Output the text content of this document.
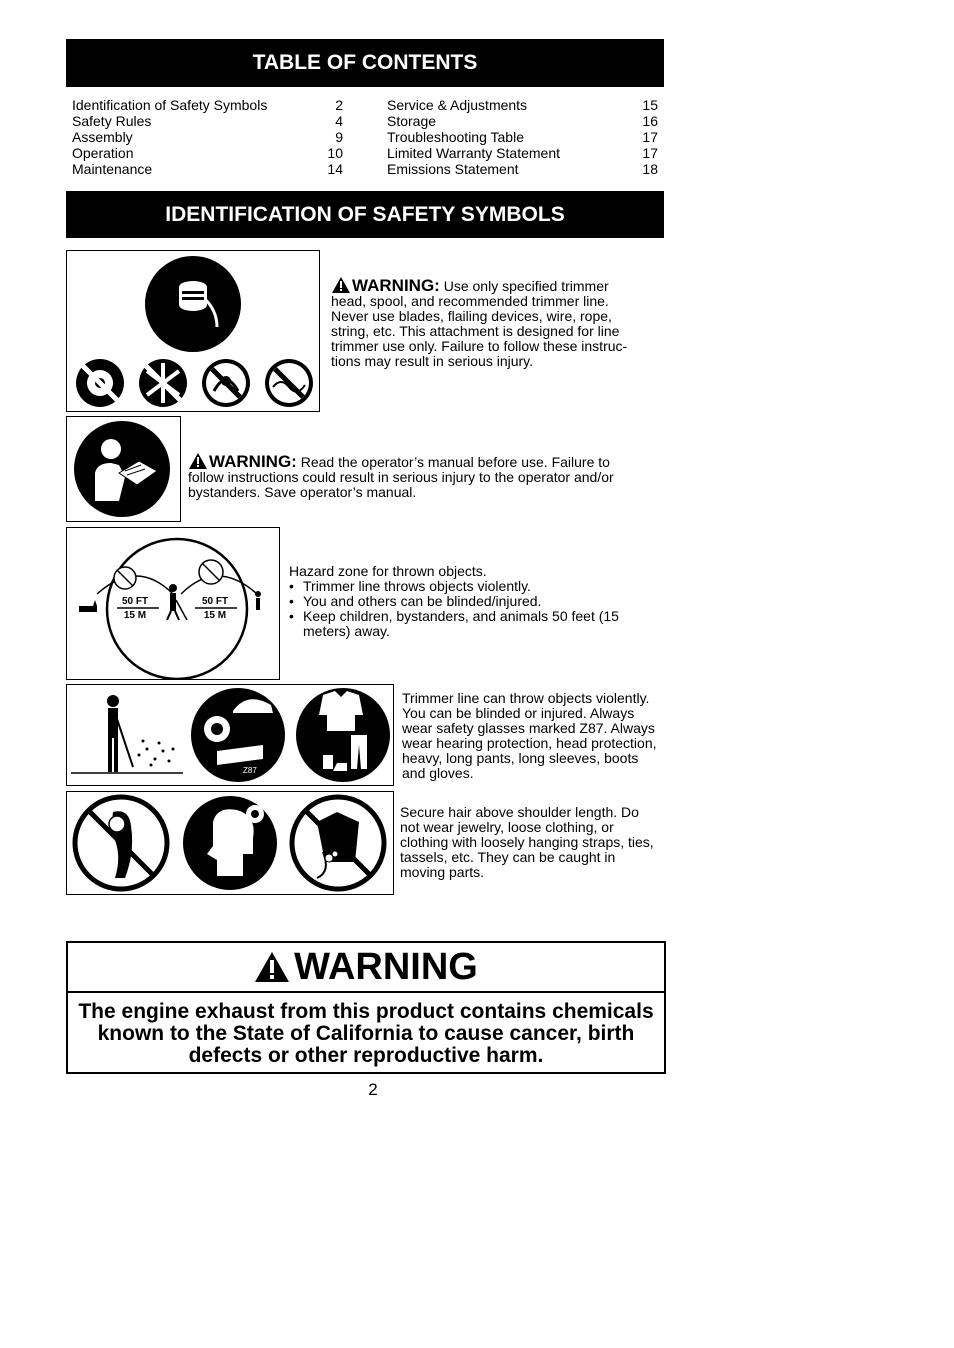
TABLE OF CONTENTS
Identification of Safety Symbols	2
Safety Rules	4
Assembly	9
Operation	10
Maintenance	14
Service & Adjustments	15
Storage	16
Troubleshooting Table	17
Limited Warranty Statement	17
Emissions Statement	18
IDENTIFICATION OF SAFETY SYMBOLS
WARNING: Use only specified trimmer head, spool, and recommended trimmer line. Never use blades, flailing devices, wire, rope, string, etc. This attachment is designed for line trimmer use only. Failure to follow these instruc- tions may result in serious injury.
WARNING: Read the operator’s manual before use. Failure to follow instructions could result in serious injury to the operator and/or bystanders. Save operator’s manual.
50 FT
15 M
50 FT
15 M
Hazard zone for thrown objects.
• Trimmer line throws objects violently.
• You and others can be blinded/injured.
• Keep children, bystanders, and animals 50 feet (15 meters) away.
Z87
Trimmer line can throw objects violently. You can be blinded or injured. Always wear safety glasses marked Z87. Always wear hearing protection, head protection, heavy, long pants, long sleeves, boots and gloves.
Secure hair above shoulder length. Do not wear jewelry, loose clothing, or clothing with loosely hanging straps, ties, tassels, etc. They can be caught in moving parts.
WARNING
The engine exhaust from this product contains chemicals known to the State of California to cause cancer, birth defects or other reproductive harm.
2
